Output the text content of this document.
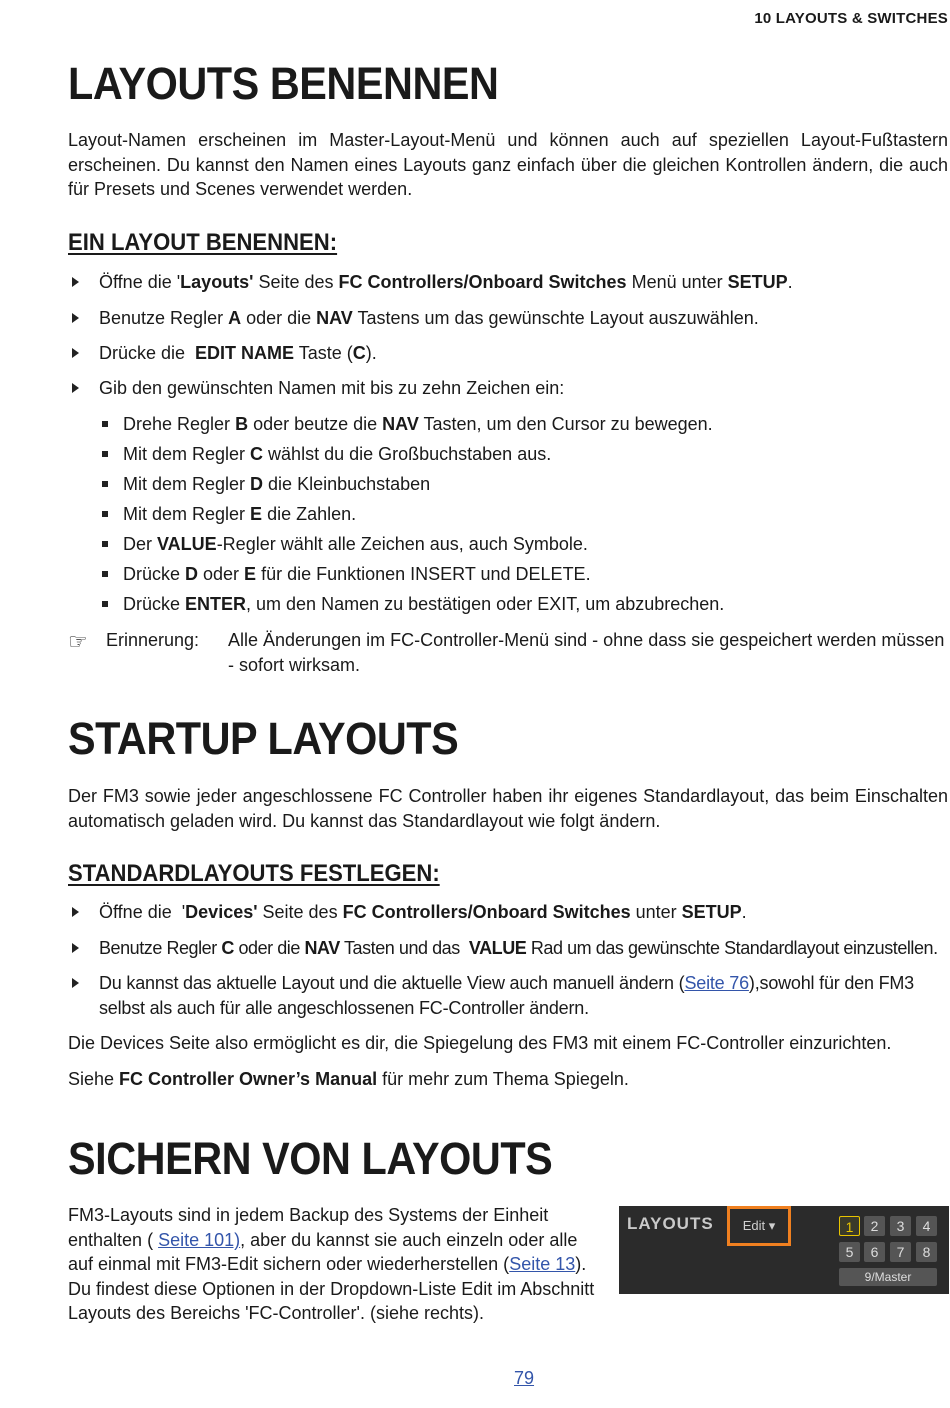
10 LAYOUTS & SWITCHES
LAYOUTS BENENNEN
Layout-Namen erscheinen im Master-Layout-Menü und können auch auf speziellen Layout-Fußtastern erscheinen. Du kannst den Namen eines Layouts ganz einfach über die gleichen Kontrollen ändern, die auch für Presets und Scenes verwendet werden.
EIN LAYOUT BENENNEN:
Öffne die 'Layouts' Seite des FC Controllers/Onboard Switches Menü unter SETUP.
Benutze Regler A oder die NAV Tastens um das gewünschte Layout auszuwählen.
Drücke die  EDIT NAME Taste (C).
Gib den gewünschten Namen mit bis zu zehn Zeichen ein:
Drehe Regler B oder beutze die NAV Tasten, um den Cursor zu bewegen.
Mit dem Regler C wählst du die Großbuchstaben aus.
Mit dem Regler D die Kleinbuchstaben
Mit dem Regler E die Zahlen.
Der VALUE-Regler wählt alle Zeichen aus, auch Symbole.
Drücke D oder E für die Funktionen INSERT und DELETE.
Drücke ENTER, um den Namen zu bestätigen oder EXIT, um abzubrechen.
☞ Erinnerung: Alle Änderungen im FC-Controller-Menü sind - ohne dass sie gespeichert werden müssen - sofort wirksam.
STARTUP LAYOUTS
Der FM3 sowie jeder angeschlossene FC Controller haben ihr eigenes Standardlayout, das beim Einschalten automatisch geladen wird. Du kannst das Standardlayout wie folgt ändern.
STANDARDLAYOUTS FESTLEGEN:
Öffne die  'Devices' Seite des FC Controllers/Onboard Switches unter SETUP.
Benutze Regler C oder die NAV Tasten und das  VALUE Rad um das gewünschte Standardlayout einzustellen.
Du kannst das aktuelle Layout und die aktuelle View auch manuell ändern (Seite 76),sowohl für den FM3
selbst als auch für alle angeschlossenen FC-Controller ändern.
Die Devices Seite also ermöglicht es dir, die Spiegelung des FM3 mit einem FC-Controller einzurichten.
Siehe FC Controller Owner’s Manual für mehr zum Thema Spiegeln.
SICHERN VON LAYOUTS
FM3-Layouts sind in jedem Backup des Systems der Einheit
enthalten ( Seite 101), aber du kannst sie auch einzeln oder alle
auf einmal mit FM3-Edit sichern oder wiederherstellen (Seite 13).
Du findest diese Optionen in der Dropdown-Liste Edit im Abschnitt
Layouts des Bereichs 'FC-Controller'. (siehe rechts).
LAYOUTS	Edit ▾	1	2	3	4
5	6	7	8
9/Master
79
